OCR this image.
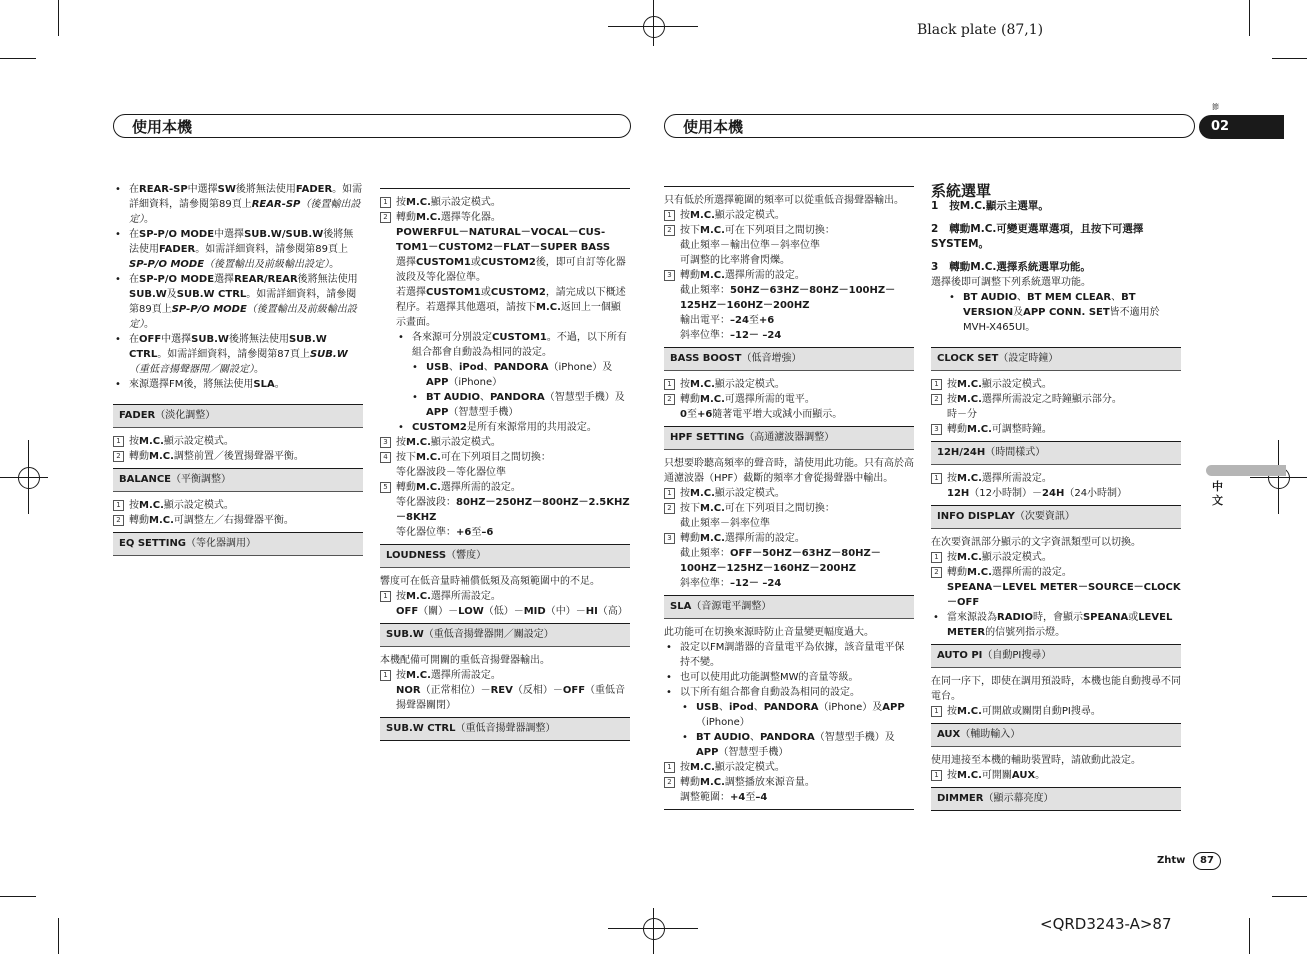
Black plate (87,1)
使用本機	使用本機
節
02

• 在REAR-SP中選擇SW後將無法使用FADER。如需詳細資料，請參閱第89頁上REAR-SP（後置輸出設定）。

• 在SP-P/O MODE中選擇SUB.W/SUB.W後將無法使用FADER。如需詳細資料，請參閱第89頁上SP-P/O MODE（後置輸出及前級輸出設定）。

• 在SP-P/O MODE選擇REAR/REAR後將無法使用SUB.W及SUB.W CTRL。如需詳細資料，請參閱第89頁上SP-P/O MODE（後置輸出及前級輸出設定）。

• 在OFF中選擇SUB.W後將無法使用SUB.W CTRL。如需詳細資料，請參閱第87頁上SUB.W（重低音揚聲器開／關設定）。

• 來源選擇FM後，將無法使用SLA。

FADER（淡化調整）

1 按M.C.顯示設定模式。

2 轉動M.C.調整前置／後置揚聲器平衡。

BALANCE（平衡調整）

1 按M.C.顯示設定模式。

2 轉動M.C.可調整左／右揚聲器平衡。

EQ SETTING（等化器調用）

1 按M.C.顯示設定模式。

2 轉動M.C.選擇等化器。

POWERFUL－NATURAL－VOCAL－CUS-TOM1－CUSTOM2－FLAT－SUPER BASS

選擇CUSTOM1或CUSTOM2後，即可自訂等化器波段及等化器位準。

若選擇CUSTOM1或CUSTOM2，請完成以下概述程序。若選擇其他選項，請按下M.C.返回上一個顯示畫面。

• 各來源可分別設定CUSTOM1。不過，以下所有組合都會自動設為相同的設定。

• USB、iPod、PANDORA（iPhone）及APP（iPhone）

• BT AUDIO、PANDORA（智慧型手機）及APP（智慧型手機）

• CUSTOM2是所有來源常用的共用設定。

3 按M.C.顯示設定模式。

4 按下M.C.可在下列項目之間切換：

等化器波段－等化器位準

5 轉動M.C.選擇所需的設定。

等化器波段：80HZ－250HZ－800HZ－2.5KHZ－8KHZ

等化器位準：+6至–6

LOUDNESS（響度）

響度可在低音量時補償低頻及高頻範圍中的不足。

1 按M.C.選擇所需設定。

OFF（關）－LOW（低）－MID（中）－HI（高）

SUB.W（重低音揚聲器開／關設定）

本機配備可開關的重低音揚聲器輸出。

1 按M.C.選擇所需設定。

NOR（正常相位）－REV（反相）－OFF（重低音揚聲器關閉）

SUB.W CTRL（重低音揚聲器調整）

只有低於所選擇範圍的頻率可以從重低音揚聲器輸出。

1 按M.C.顯示設定模式。

2 按下M.C.可在下列項目之間切換：

截止頻率－輸出位準－斜率位準

可調整的比率將會閃爍。

3 轉動M.C.選擇所需的設定。

截止頻率：50HZ－63HZ－80HZ－100HZ－125HZ－160HZ－200HZ

輸出電平：–24至+6

斜率位準：–12－ –24

BASS BOOST（低音增強）

1 按M.C.顯示設定模式。

2 轉動M.C.可選擇所需的電平。

0至+6隨著電平增大或減小而顯示。

HPF SETTING（高通濾波器調整）

只想要聆聽高頻率的聲音時，請使用此功能。只有高於高通濾波器（HPF）截斷的頻率才會從揚聲器中輸出。

1 按M.C.顯示設定模式。

2 按下M.C.可在下列項目之間切換：

截止頻率－斜率位準

3 轉動M.C.選擇所需的設定。

截止頻率：OFF－50HZ－63HZ－80HZ－100HZ－125HZ－160HZ－200HZ

斜率位準：–12－ –24

SLA（音源電平調整）

此功能可在切換來源時防止音量變更幅度過大。

• 設定以FM調諧器的音量電平為依據，該音量電平保持不變。

• 也可以使用此功能調整MW的音量等級。

• 以下所有組合都會自動設為相同的設定。

• USB、iPod、PANDORA（iPhone）及APP（iPhone）

• BT AUDIO、PANDORA（智慧型手機）及APP（智慧型手機）

1 按M.C.顯示設定模式。

2 轉動M.C.調整播放來源音量。

調整範圍：+4至–4

系統選單

1 按M.C.顯示主選單。

2 轉動M.C.可變更選單選項，且按下可選擇SYSTEM。

3 轉動M.C.選擇系統選單功能。

選擇後即可調整下列系統選單功能。

• BT AUDIO、BT MEM CLEAR、BT VERSION及APP CONN. SET皆不適用於MVH-X465UI。

CLOCK SET（設定時鐘）

1 按M.C.顯示設定模式。

2 按M.C.選擇所需設定之時鐘顯示部分。

時－分

3 轉動M.C.可調整時鐘。

12H/24H（時間樣式）

1 按M.C.選擇所需設定。

12H（12小時制）－24H（24小時制）

INFO DISPLAY（次要資訊）

在次要資訊部分顯示的文字資訊類型可以切換。

1 按M.C.顯示設定模式。

2 轉動M.C.選擇所需的設定。

SPEANA－LEVEL METER－SOURCE－CLOCK－OFF

• 當來源設為RADIO時，會顯示SPEANA或LEVEL METER的信號列指示燈。

AUTO PI（自動PI搜尋）

在同一序下，即使在調用預設時，本機也能自動搜尋不同電台。

1 按M.C.可開啟或關閉自動PI搜尋。

AUX（輔助輸入）

使用連接至本機的輔助裝置時，請啟動此設定。

1 按M.C.可開關AUX。

DIMMER（顯示幕亮度）
中文
Zhtw	87
<QRD3243-A>87
